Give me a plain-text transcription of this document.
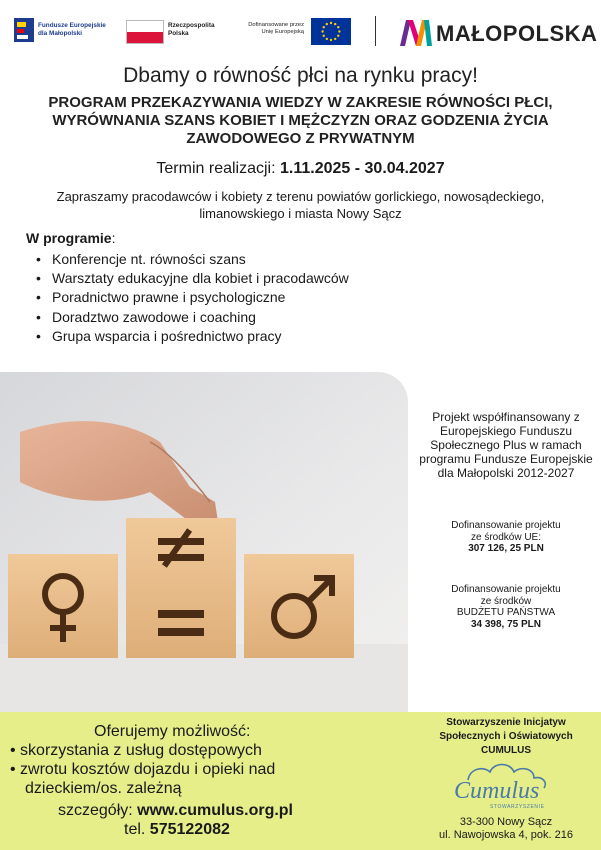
Fundusze Europejskie
dla Małopolski
Rzeczpospolita
Polska
Dofinansowane przez
Unię Europejską	MAŁOPOLSKA
Dbamy o równość płci na rynku pracy!
PROGRAM PRZEKAZYWANIA WIEDZY W ZAKRESIE RÓWNOŚCI PŁCI, WYRÓWNANIA SZANS KOBIET I MĘŻCZYZN ORAZ GODZENIA ŻYCIA ZAWODOWEGO Z PRYWATNYM
Termin realizacji: 1.11.2025 - 30.04.2027
Zapraszamy pracodawców i kobiety z terenu powiatów gorlickiego, nowosądeckiego, limanowskiego i miasta Nowy Sącz
W programie:
• Konferencje nt. równości szans
• Warsztaty edukacyjne dla kobiet i pracodawców
• Poradnictwo prawne i psychologiczne
• Doradztwo zawodowe i coaching
• Grupa wsparcia i pośrednictwo pracy
Projekt współfinansowany z Europejskiego Funduszu Społecznego Plus w ramach programu Fundusze Europejskie dla Małopolski 2012-2027
Dofinansowanie projektu
ze środków UE:
307 126, 25 PLN
Dofinansowanie projektu
ze środków
BUDŻETU PAŃSTWA
34 398, 75 PLN
Oferujemy możliwość:
• skorzystania z usług dostępowych
• zwrotu kosztów dojazdu i opieki nad
dzieckiem/os. zależną
szczegóły: www.cumulus.org.pl
tel. 575122082
Stowarzyszenie Inicjatyw
Społecznych i Oświatowych
CUMULUS
Cumulus
STOWARZYSZENIE
33-300 Nowy Sącz
ul. Nawojowska 4, pok. 216
